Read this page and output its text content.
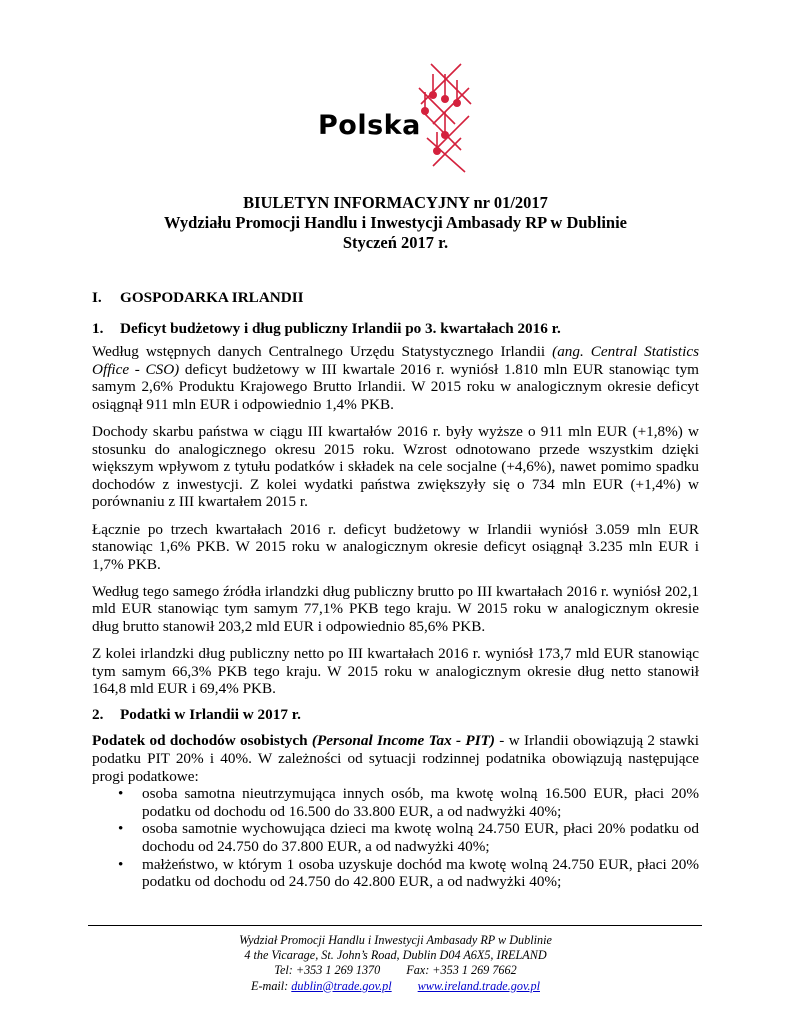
Polska
BIULETYN INFORMACYJNY nr 01/2017
Wydziału Promocji Handlu i Inwestycji Ambasady RP w Dublinie
Styczeń 2017 r.
I.	GOSPODARKA IRLANDII
1.	Deficyt budżetowy i dług publiczny Irlandii po 3. kwartałach 2016 r.

Według wstępnych danych Centralnego Urzędu Statystycznego Irlandii (ang. Central Statistics Office - CSO) deficyt budżetowy w III kwartale 2016 r. wyniósł 1.810 mln EUR stanowiąc tym samym 2,6% Produktu Krajowego Brutto Irlandii. W 2015 roku w analogicznym okresie deficyt osiągnął 911 mln EUR i odpowiednio 1,4% PKB.

Dochody skarbu państwa w ciągu III kwartałów 2016 r. były wyższe o 911 mln EUR (+1,8%) w stosunku do analogicznego okresu 2015 roku. Wzrost odnotowano przede wszystkim dzięki większym wpływom z tytułu podatków i składek na cele socjalne (+4,6%), nawet pomimo spadku dochodów z inwestycji. Z kolei wydatki państwa zwiększyły się o 734 mln EUR (+1,4%) w porównaniu z III kwartałem 2015 r.

Łącznie po trzech kwartałach 2016 r. deficyt budżetowy w Irlandii wyniósł 3.059 mln EUR stanowiąc 1,6% PKB. W 2015 roku w analogicznym okresie deficyt osiągnął 3.235 mln EUR i 1,7% PKB.

Według tego samego źródła irlandzki dług publiczny brutto po III kwartałach 2016 r. wyniósł 202,1 mld EUR stanowiąc tym samym 77,1% PKB tego kraju. W 2015 roku w analogicznym okresie dług brutto stanowił 203,2 mld EUR i odpowiednio 85,6% PKB.

Z kolei irlandzki dług publiczny netto po III kwartałach 2016 r. wyniósł 173,7 mld EUR stanowiąc tym samym 66,3% PKB tego kraju. W 2015 roku w analogicznym okresie dług netto stanowił 164,8 mld EUR i 69,4% PKB.

2.	Podatki w Irlandii w 2017 r.

Podatek od dochodów osobistych (Personal Income Tax - PIT) - w Irlandii obowiązują 2 stawki podatku PIT 20% i 40%. W zależności od sytuacji rodzinnej podatnika obowiązują następujące progi podatkowe:

• osoba samotna nieutrzymująca innych osób, ma kwotę wolną 16.500 EUR, płaci 20% podatku od dochodu od 16.500 do 33.800 EUR, a od nadwyżki 40%;
• osoba samotnie wychowująca dzieci ma kwotę wolną 24.750 EUR, płaci 20% podatku od dochodu od 24.750 do 37.800 EUR, a od nadwyżki 40%;
• małżeństwo, w którym 1 osoba uzyskuje dochód ma kwotę wolną 24.750 EUR, płaci 20% podatku od dochodu od 24.750 do 42.800 EUR, a od nadwyżki 40%;
Wydział Promocji Handlu i Inwestycji Ambasady RP w Dublinie
4 the Vicarage, St. John’s Road, Dublin D04 A6X5, IRELAND
Tel: +353 1 269 1370 Fax: +353 1 269 7662
E-mail: dublin@trade.gov.pl www.ireland.trade.gov.pl
